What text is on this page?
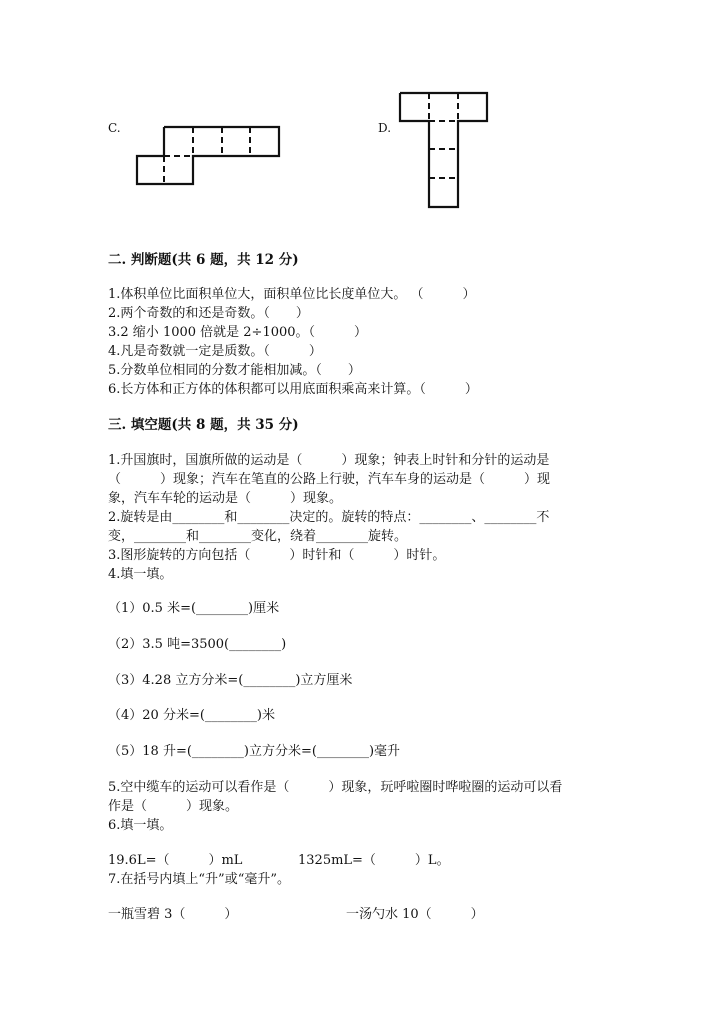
C.	D.
二. 判断题(共 6 题，共 12 分)
1.体积单位比面积单位大，面积单位比长度单位大。 （　　　）
2.两个奇数的和还是奇数。（　　）
3.2 缩小 1000 倍就是 2÷1000。（　　　）
4.凡是奇数就一定是质数。（　　　）
5.分数单位相同的分数才能相加减。（　　）
6.长方体和正方体的体积都可以用底面积乘高来计算。（　　　）
三. 填空题(共 8 题，共 35 分)
1.升国旗时，国旗所做的运动是（　　　）现象；钟表上时针和分针的运动是
（　　　）现象；汽车在笔直的公路上行驶，汽车车身的运动是（　　　）现
象，汽车车轮的运动是（　　　）现象。
2.旋转是由________和________决定的。旋转的特点：________、________不
变，________和________变化，绕着________旋转。
3.图形旋转的方向包括（　　　）时针和（　　　）时针。
4.填一填。
（1）0.5 米=(________)厘米
（2）3.5 吨=3500(________)
（3）4.28 立方分米=(________)立方厘米
（4）20 分米=(________)米
（5）18 升=(________)立方分米=(________)毫升
5.空中缆车的运动可以看作是（　　　）现象，玩呼啦圈时哗啦圈的运动可以看
作是（　　　）现象。
6.填一填。
19.6L=（　　　）mL	1325mL=（　　　）L。
7.在括号内填上“升”或“毫升”。
一瓶雪碧 3（　　　）	一汤勺水 10（　　　）
